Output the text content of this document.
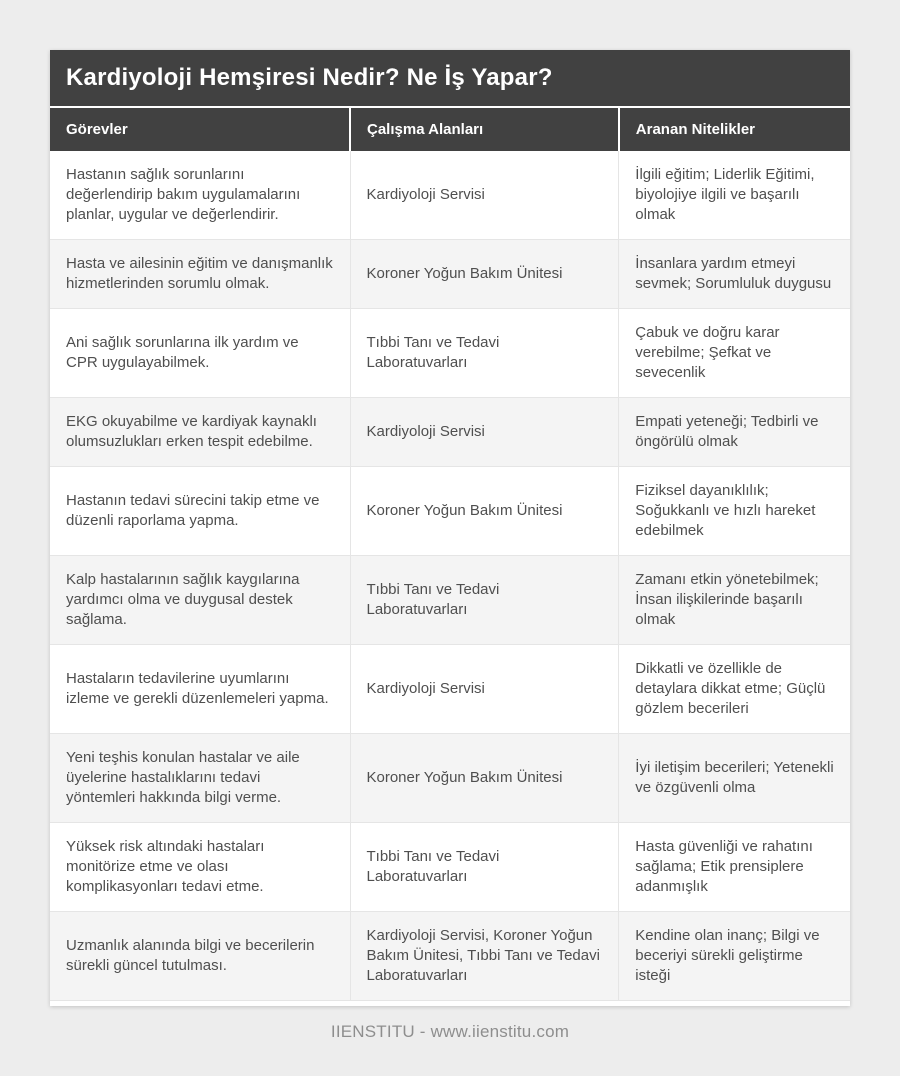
Kardiyoloji Hemşiresi Nedir? Ne İş Yapar?
Görevler	Çalışma Alanları	Aranan Nitelikler
Hastanın sağlık sorunlarını değerlendirip bakım uygulamalarını planlar, uygular ve değerlendirir.	Kardiyoloji Servisi	İlgili eğitim; Liderlik Eğitimi, biyolojiye ilgili ve başarılı olmak
Hasta ve ailesinin eğitim ve danışmanlık hizmetlerinden sorumlu olmak.	Koroner Yoğun Bakım Ünitesi	İnsanlara yardım etmeyi sevmek; Sorumluluk duygusu
Ani sağlık sorunlarına ilk yardım ve CPR uygulayabilmek.	Tıbbi Tanı ve Tedavi Laboratuvarları	Çabuk ve doğru karar verebilme; Şefkat ve sevecenlik
EKG okuyabilme ve kardiyak kaynaklı olumsuzlukları erken tespit edebilme.	Kardiyoloji Servisi	Empati yeteneği; Tedbirli ve öngörülü olmak
Hastanın tedavi sürecini takip etme ve düzenli raporlama yapma.	Koroner Yoğun Bakım Ünitesi	Fiziksel dayanıklılık; Soğukkanlı ve hızlı hareket edebilmek
Kalp hastalarının sağlık kaygılarına yardımcı olma ve duygusal destek sağlama.	Tıbbi Tanı ve Tedavi Laboratuvarları	Zamanı etkin yönetebilmek; İnsan ilişkilerinde başarılı olmak
Hastaların tedavilerine uyumlarını izleme ve gerekli düzenlemeleri yapma.	Kardiyoloji Servisi	Dikkatli ve özellikle de detaylara dikkat etme; Güçlü gözlem becerileri
Yeni teşhis konulan hastalar ve aile üyelerine hastalıklarını tedavi yöntemleri hakkında bilgi verme.	Koroner Yoğun Bakım Ünitesi	İyi iletişim becerileri; Yetenekli ve özgüvenli olma
Yüksek risk altındaki hastaları monitörize etme ve olası komplikasyonları tedavi etme.	Tıbbi Tanı ve Tedavi Laboratuvarları	Hasta güvenliği ve rahatını sağlama; Etik prensiplere adanmışlık
Uzmanlık alanında bilgi ve becerilerin sürekli güncel tutulması.	Kardiyoloji Servisi, Koroner Yoğun Bakım Ünitesi, Tıbbi Tanı ve Tedavi Laboratuvarları	Kendine olan inanç; Bilgi ve beceriyi sürekli geliştirme isteği
IIENSTITU - www.iienstitu.com
